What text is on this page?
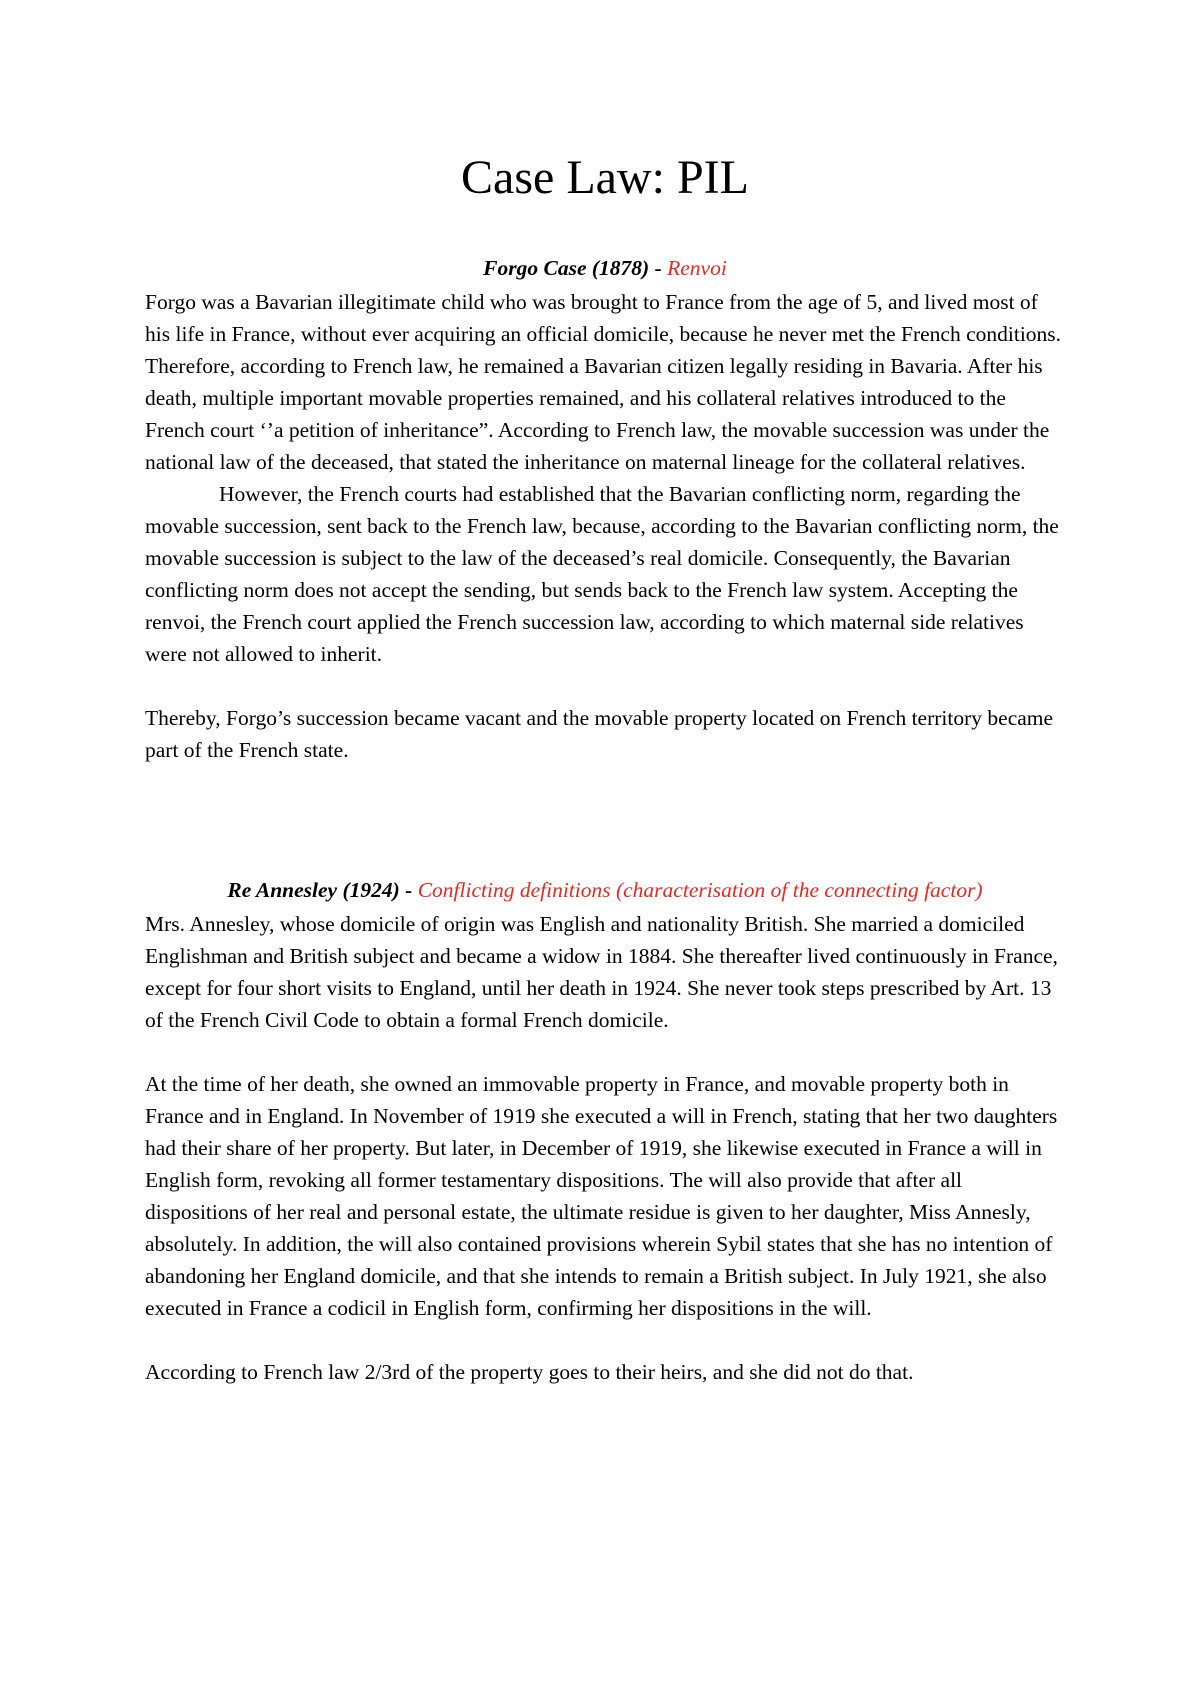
Case Law: PIL

Forgo Case (1878) - Renvoi

Forgo was a Bavarian illegitimate child who was brought to France from the age of 5, and lived most of his life in France, without ever acquiring an official domicile, because he never met the French conditions. Therefore, according to French law, he remained a Bavarian citizen legally residing in Bavaria. After his death, multiple important movable properties remained, and his collateral relatives introduced to the French court ‘’a petition of inheritance”. According to French law, the movable succession was under the national law of the deceased, that stated the inheritance on maternal lineage for the collateral relatives.

However, the French courts had established that the Bavarian conflicting norm, regarding the movable succession, sent back to the French law, because, according to the Bavarian conflicting norm, the movable succession is subject to the law of the deceased’s real domicile. Consequently, the Bavarian conflicting norm does not accept the sending, but sends back to the French law system. Accepting the renvoi, the French court applied the French succession law, according to which maternal side relatives were not allowed to inherit.

Thereby, Forgo’s succession became vacant and the movable property located on French territory became part of the French state.

Re Annesley (1924) - Conflicting definitions (characterisation of the connecting factor)

Mrs. Annesley, whose domicile of origin was English and nationality British. She married a domiciled Englishman and British subject and became a widow in 1884. She thereafter lived continuously in France, except for four short visits to England, until her death in 1924. She never took steps prescribed by Art. 13 of the French Civil Code to obtain a formal French domicile.

At the time of her death, she owned an immovable property in France, and movable property both in France and in England. In November of 1919 she executed a will in French, stating that her two daughters had their share of her property. But later, in December of 1919, she likewise executed in France a will in English form, revoking all former testamentary dispositions. The will also provide that after all dispositions of her real and personal estate, the ultimate residue is given to her daughter, Miss Annesly, absolutely. In addition, the will also contained provisions wherein Sybil states that she has no intention of abandoning her England domicile, and that she intends to remain a British subject. In July 1921, she also executed in France a codicil in English form, confirming her dispositions in the will.

According to French law 2/3rd of the property goes to their heirs, and she did not do that.
